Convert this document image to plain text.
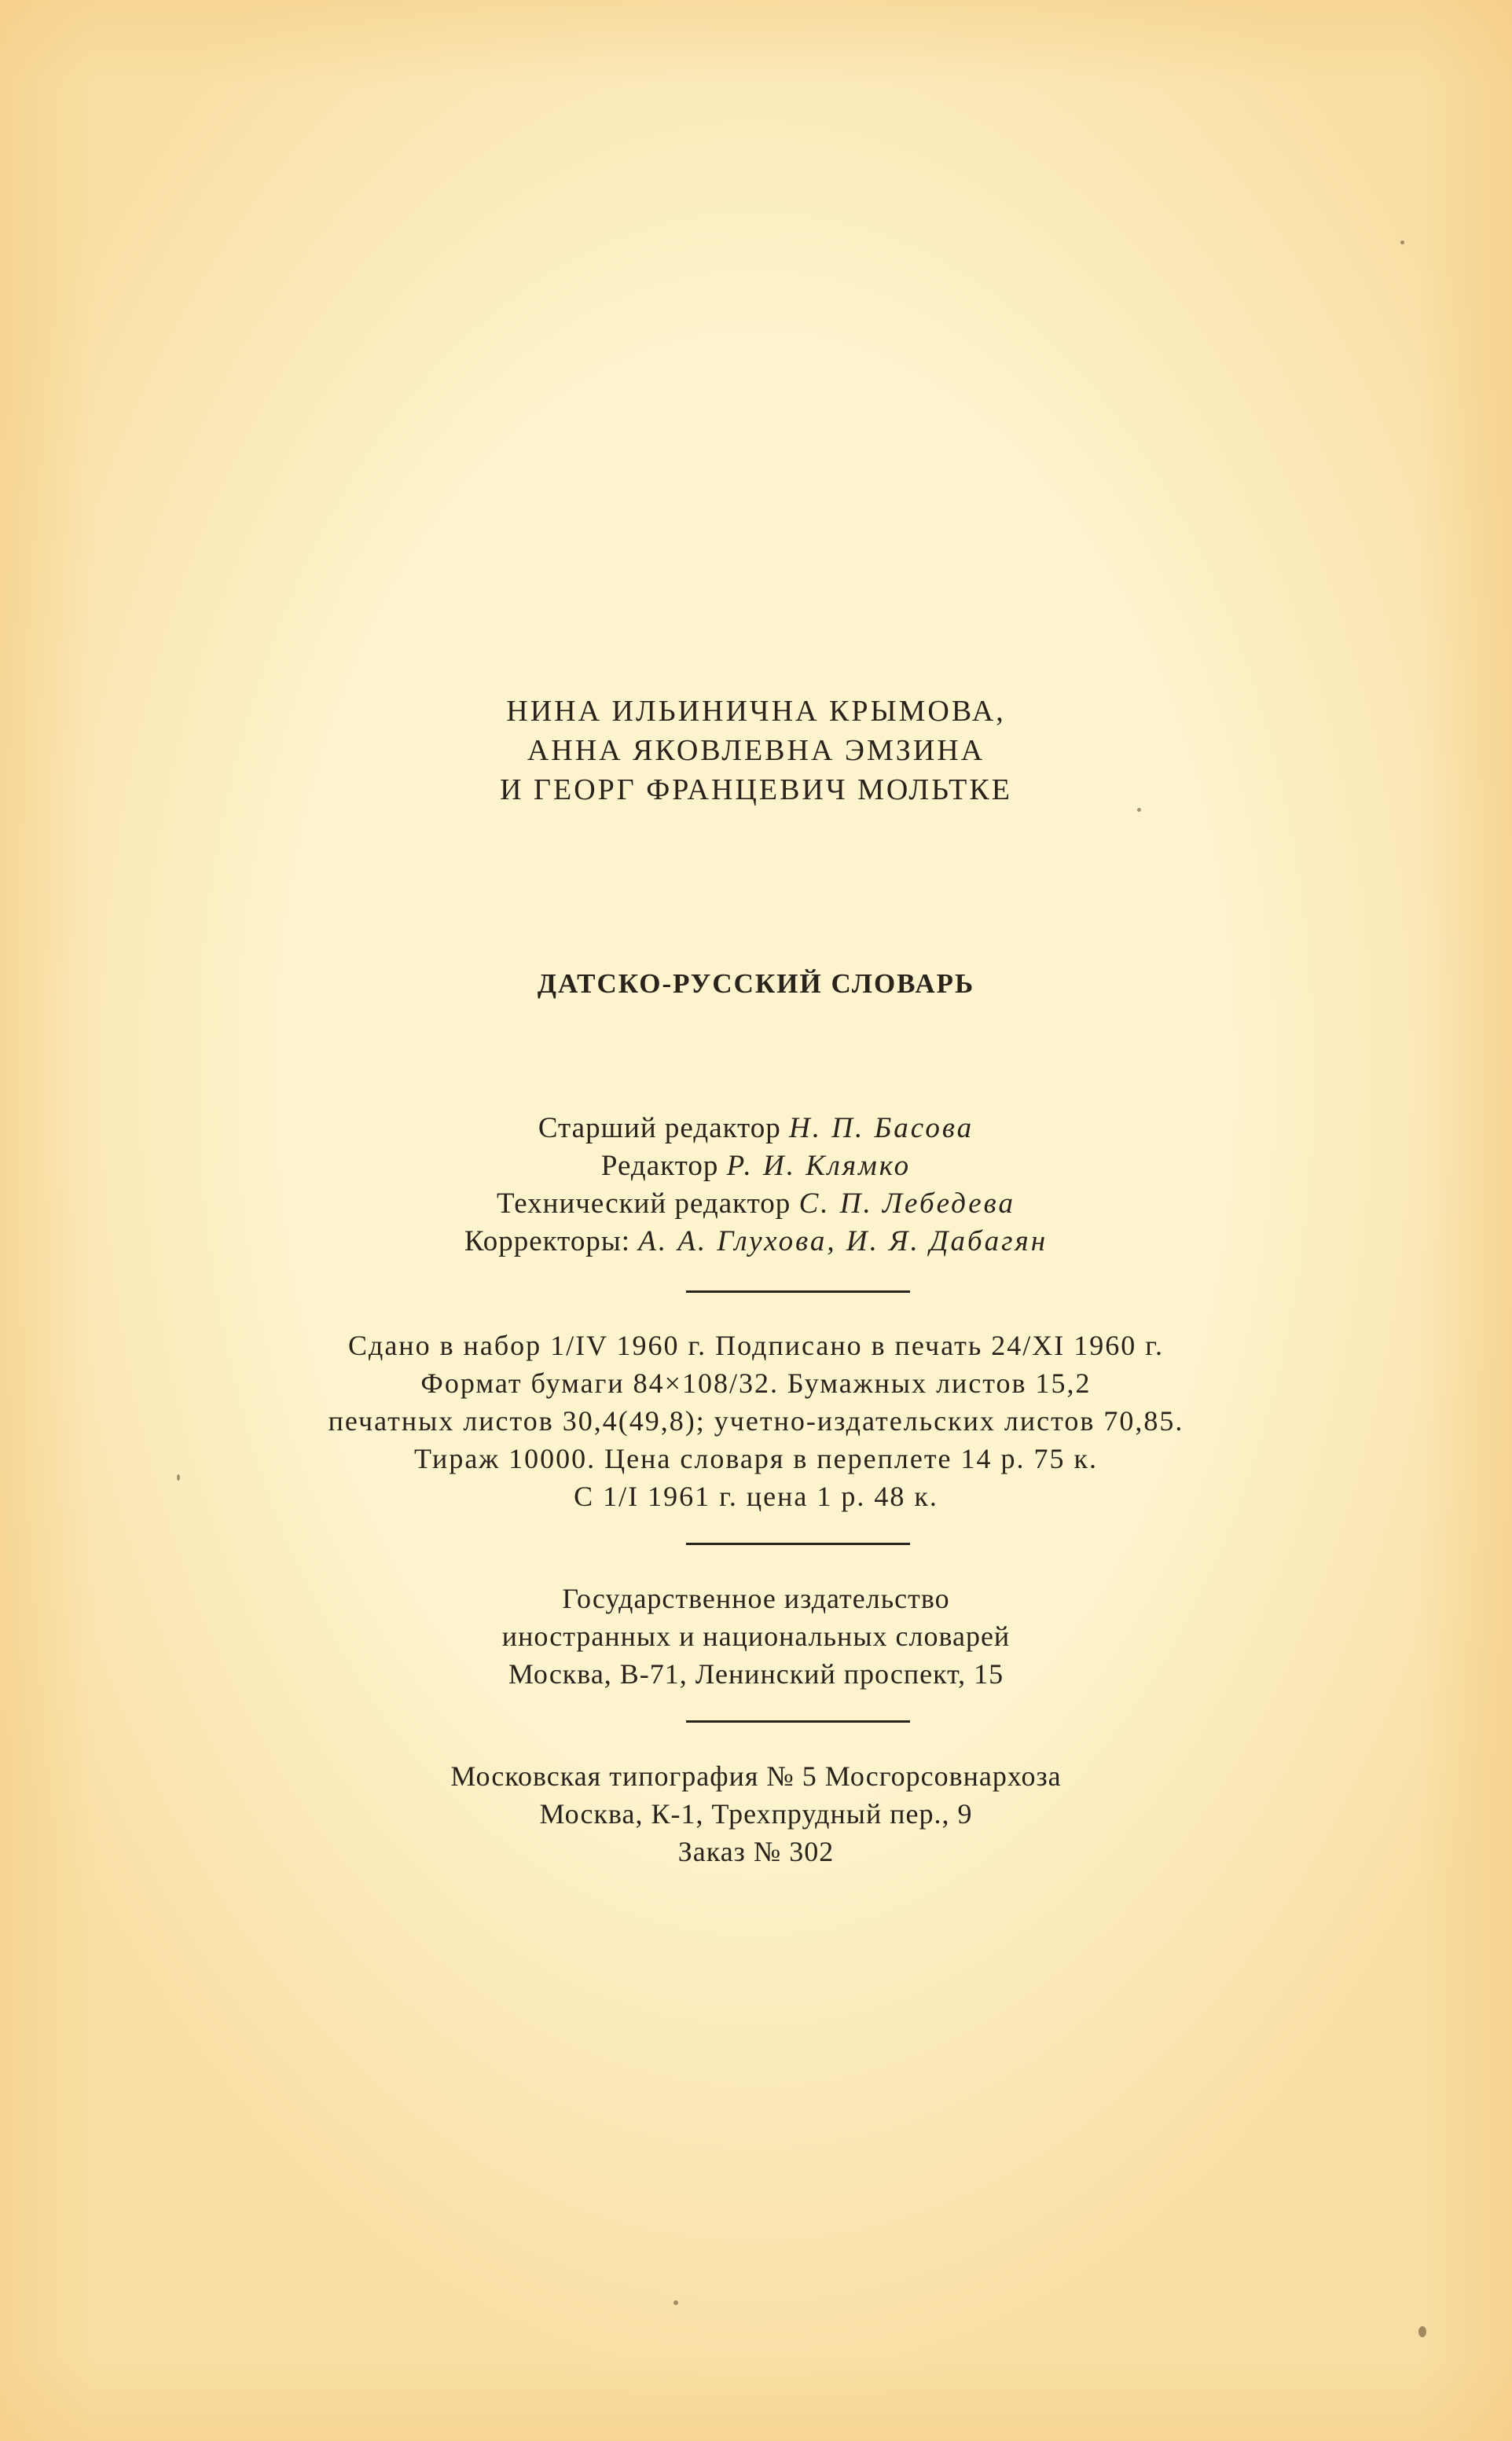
НИНА ИЛЬИНИЧНА КРЫМОВА,
АННА ЯКОВЛЕВНА ЭМЗИНА
И ГЕОРГ ФРАНЦЕВИЧ МОЛЬТКЕ
ДАТСКО-РУССКИЙ СЛОВАРЬ
Старший редактор Н. П. Басова
Редактор Р. И. Клямко
Технический редактор С. П. Лебедева
Корректоры: А. А. Глухова, И. Я. Дабагян
Сдано в набор 1/IV 1960 г. Подписано в печать 24/XI 1960 г.
Формат бумаги 84×108/32. Бумажных листов 15,2
печатных листов 30,4(49,8); учетно-издательских листов 70,85.
Тираж 10000. Цена словаря в переплете 14 р. 75 к.
С 1/I 1961 г. цена 1 р. 48 к.
Государственное издательство
иностранных и национальных словарей
Москва, В-71, Ленинский проспект, 15
Московская типография № 5 Мосгорсовнархоза
Москва, К-1, Трехпрудный пер., 9
Заказ № 302
